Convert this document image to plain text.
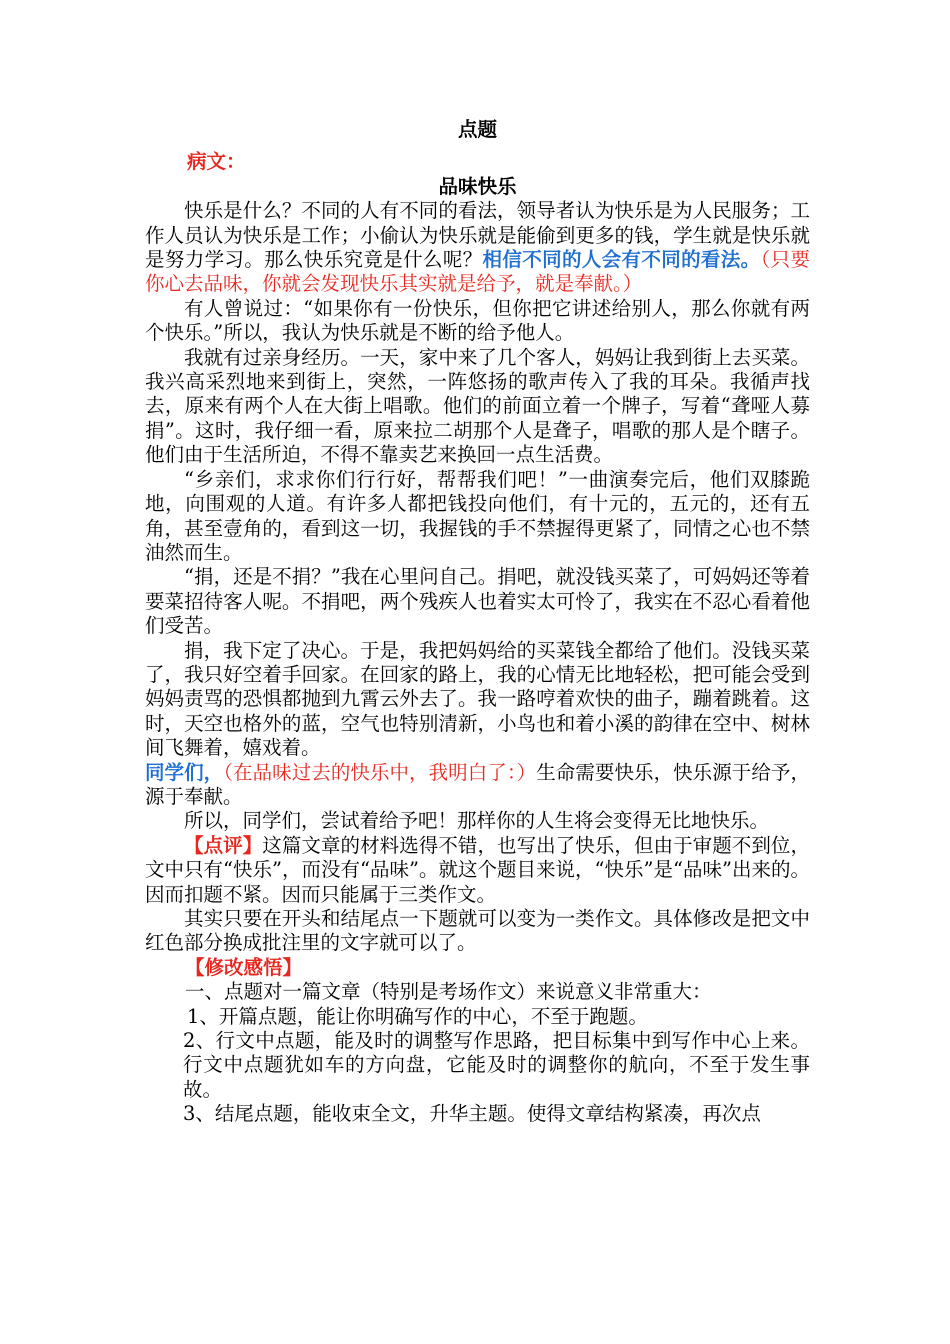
点题

病文：

品味快乐

快乐是什么？不同的人有不同的看法，领导者认为快乐是为人民服务；工作人员认为快乐是工作；小偷认为快乐就是能偷到更多的钱，学生就是快乐就是努力学习。那么快乐究竟是什么呢？相信不同的人会有不同的看法。（只要你心去品味，你就会发现快乐其实就是给予，就是奉献。）

有人曾说过：“如果你有一份快乐，但你把它讲述给别人，那么你就有两个快乐。”所以，我认为快乐就是不断的给予他人。

我就有过亲身经历。一天，家中来了几个客人，妈妈让我到街上去买菜。我兴高采烈地来到街上，突然，一阵悠扬的歌声传入了我的耳朵。我循声找去，原来有两个人在大街上唱歌。他们的前面立着一个牌子，写着“聋哑人募捐”。这时，我仔细一看，原来拉二胡那个人是聋子，唱歌的那人是个瞎子。他们由于生活所迫，不得不靠卖艺来换回一点生活费。

“乡亲们，求求你们行行好，帮帮我们吧！”一曲演奏完后，他们双膝跪地，向围观的人道。有许多人都把钱投向他们，有十元的，五元的，还有五角，甚至壹角的，看到这一切，我握钱的手不禁握得更紧了，同情之心也不禁油然而生。

“捐，还是不捐？”我在心里问自己。捐吧，就没钱买菜了，可妈妈还等着要菜招待客人呢。不捐吧，两个残疾人也着实太可怜了，我实在不忍心看着他们受苦。

捐，我下定了决心。于是，我把妈妈给的买菜钱全都给了他们。没钱买菜了，我只好空着手回家。在回家的路上，我的心情无比地轻松，把可能会受到妈妈责骂的恐惧都抛到九霄云外去了。我一路哼着欢快的曲子，蹦着跳着。这时，天空也格外的蓝，空气也特别清新，小鸟也和着小溪的韵律在空中、树林间飞舞着，嬉戏着。

同学们，（在品味过去的快乐中，我明白了：）生命需要快乐，快乐源于给予，源于奉献。

所以，同学们，尝试着给予吧！那样你的人生将会变得无比地快乐。

【点评】这篇文章的材料选得不错，也写出了快乐，但由于审题不到位，文中只有“快乐”，而没有“品味”。就这个题目来说，“快乐”是“品味”出来的。因而扣题不紧。因而只能属于三类作文。

其实只要在开头和结尾点一下题就可以变为一类作文。具体修改是把文中红色部分换成批注里的文字就可以了。

【修改感悟】

一、点题对一篇文章（特别是考场作文）来说意义非常重大：

1、开篇点题，能让你明确写作的中心，不至于跑题。

2、行文中点题，能及时的调整写作思路，把目标集中到写作中心上来。行文中点题犹如车的方向盘，它能及时的调整你的航向，不至于发生事故。

3、结尾点题，能收束全文，升华主题。使得文章结构紧凑，再次点
